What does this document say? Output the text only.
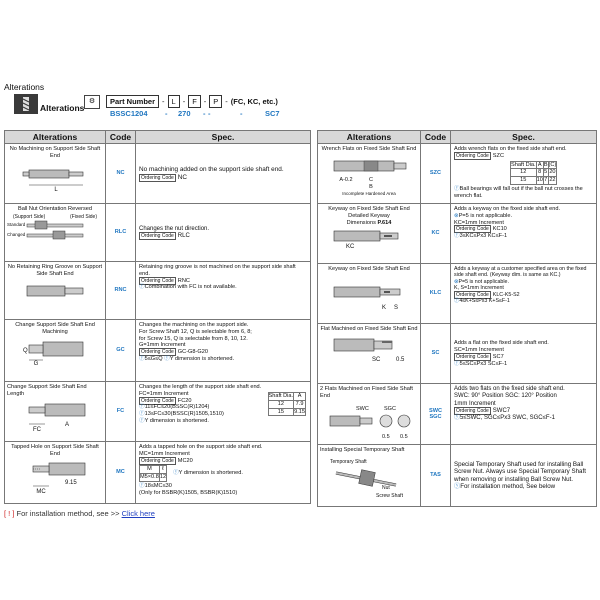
Alterations
Alterations
⚙	Part Number - L - F - P - (FC, KC, etc.)
BSSC1204 - 270 - -	-	SC7
Alterations	Code	Spec.

No Machining on Support Side Shaft End
L
	NC	No machining added on the support side shaft end.
Ordering Code NC

Ball Nut Orientation Reversed
(Support Side)	(Fixed Side)
Standard
Changed	RLC	
Changes the nut direction.
Ordering Code RLC

No Retaining Ring Groove on Support Side Shaft End
	RNC	
Retaining ring groove is not machined on the support side shaft end.
Ordering Code RNC
ⓨCombination with FC is not available.

Change Support Side Shaft End Machining
Q
G
	GC	
Changes the machining on the support side.
For Screw Shaft 12, Q is selectable from 6, 8;
for Screw 15, Q is selectable from 8, 10, 12.
G=1mm Increment
Ordering Code GC-G8-G20
ⓨ5≤G≤Q ⓨY dimension is shortened.

Change Support Side Shaft End Length
A
FC
	FC	
Changes the length of the support side shaft end.
FC=1mm Increment	Shaft Dia.	A
12	7.9
15	9.15
Ordering Code FC20
ⓨ11≤FC≤20(BSSC(R)1204)
ⓨ13≤FC≤30(BSSC(R)1505,1510)
ⓨY dimension is shortened.

Tapped Hole on Support Side Shaft End
9.15
MC
	MC	
Adds a tapped hole on the support side shaft end.
MC=1mm Increment
Ordering Code MC20
M	ℓ
M5×0.8	12
ⓨY dimension is shortened.
ⓨ18≤MC≤30
(Only for BSBR(K)1505, BSBR(K)1510)
Alterations	Code	Spec.

Wrench Flats on Fixed Side Shaft End
A-0.2	C
B
Incomplete Hardened Area
	SZC	
Adds wrench flats on the fixed side shaft end.
Ordering Code SZC
Shaft Dia.	A	B	(C)
12	8	5	20
15	10	7	22
ⓨBall bearings will fall out if the ball nut crosses the wrench flat.

Keyway on Fixed Side Shaft End
Detailed Keyway
Dimensions P.614
KC
	KC	
Adds a keyway on the fixed side shaft end.
⊗P=5 is not applicable.
KC=1mm Increment
Ordering Code KC10
ⓨ3≤KC≤Px3 KC≤F-1

Keyway on Fixed Side Shaft End
K S
	KLC	
Adds a keyway at a customer specified area on the fixed side shaft end. (Keyway dim. is same as KC.)
⊗P=5 is not applicable.
K, S=1mm Increment
Ordering Code KLC-K5-S2
ⓨ4≤K+S≤Px3 K+S≤F-1

Flat Machined on Fixed Side Shaft End
SC	0.5
	SC	
Adds a flat on the fixed side shaft end.
SC=1mm Increment
Ordering Code SC7
ⓨ5≤SC≤Px3 SC≤F-1

2 Flats Machined on Fixed Side Shaft End
SWC	SGC
0.5 0.5

SWC
SGC

Adds two flats on the fixed side shaft end.
SWC: 90° Position SGC: 120° Position
1mm Increment
Ordering Code SWC7
ⓨ5≤SWC, SGC≤Px3 SWC, SGC≤F-1

Installing Special Temporary Shaft
Temporary Shaft
Nut
Screw Shaft
	TAS	
Special Temporary Shaft used for installing Ball Screw Nut. Always use Special Temporary Shaft when removing or installing Ball Screw Nut.
ⓨFor installation method, See below
[ ! ] For installation method, see >> Click here
